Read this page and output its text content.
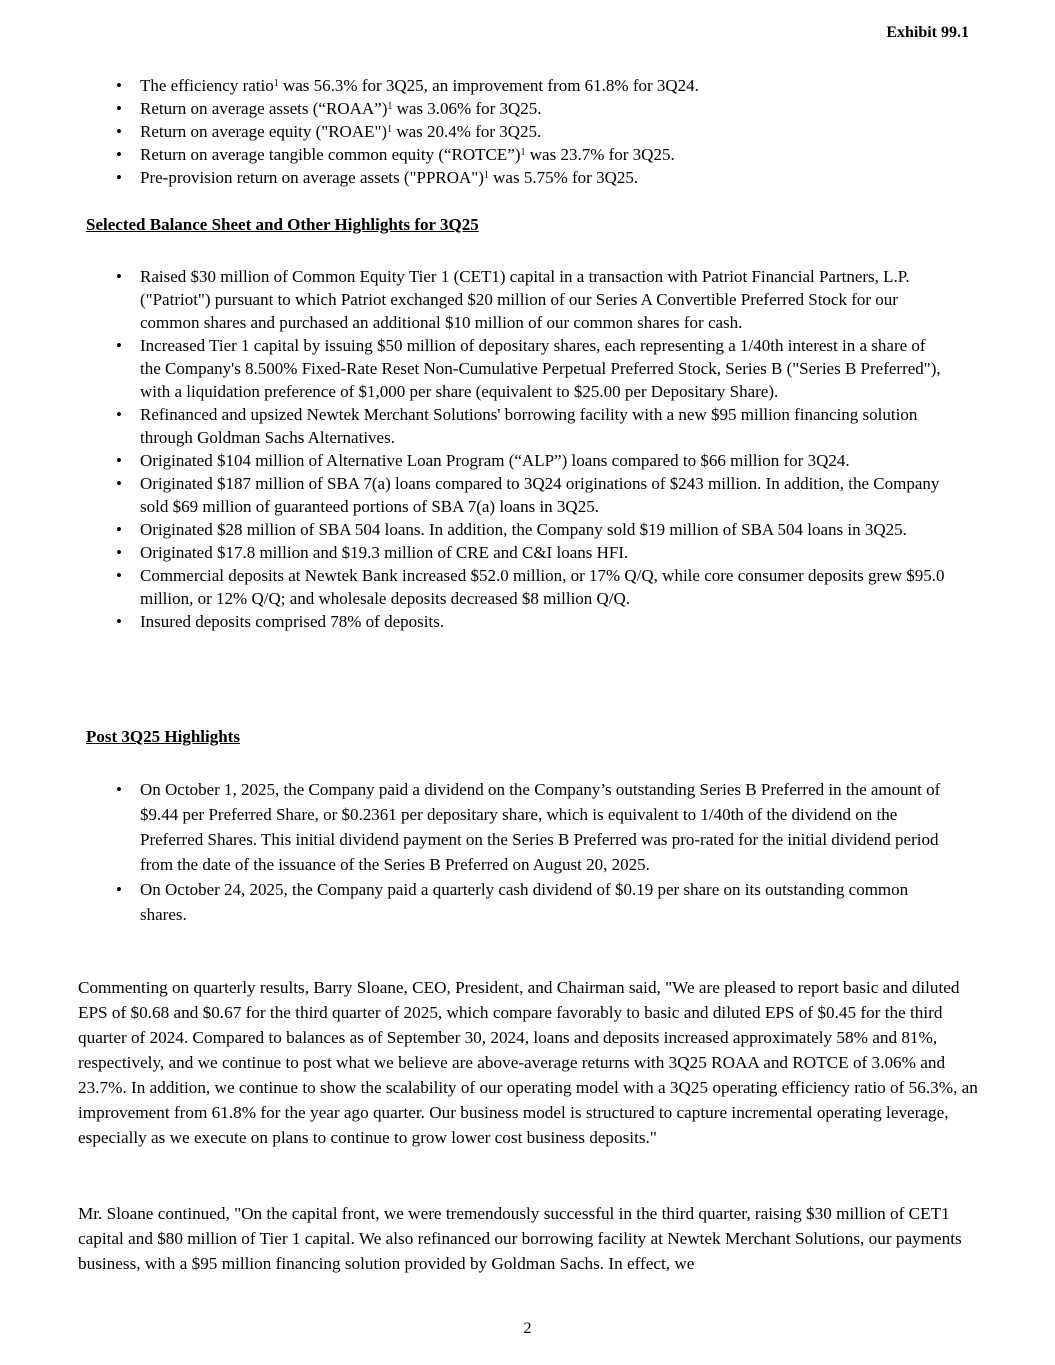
Exhibit 99.1
• The efficiency ratio$^1$ was 56.3% for 3Q25, an improvement from 61.8% for 3Q24.
• Return on average assets (“ROAA”)$^1$ was 3.06% for 3Q25.
• Return on average equity ("ROAE")$^1$ was 20.4% for 3Q25.
• Return on average tangible common equity (“ROTCE”)$^1$ was 23.7% for 3Q25.
• Pre-provision return on average assets ("PPROA")$^1$ was 5.75% for 3Q25.
Selected Balance Sheet and Other Highlights for 3Q25
• Raised $30 million of Common Equity Tier 1 (CET1) capital in a transaction with Patriot Financial Partners, L.P. ("Patriot") pursuant to which Patriot exchanged $20 million of our Series A Convertible Preferred Stock for our common shares and purchased an additional $10 million of our common shares for cash.
• Increased Tier 1 capital by issuing $50 million of depositary shares, each representing a 1/40th interest in a share of the Company's 8.500% Fixed-Rate Reset Non-Cumulative Perpetual Preferred Stock, Series B ("Series B Preferred"), with a liquidation preference of $1,000 per share (equivalent to $25.00 per Depositary Share).
• Refinanced and upsized Newtek Merchant Solutions' borrowing facility with a new $95 million financing solution through Goldman Sachs Alternatives.
• Originated $104 million of Alternative Loan Program (“ALP”) loans compared to $66 million for 3Q24.
• Originated $187 million of SBA 7(a) loans compared to 3Q24 originations of $243 million. In addition, the Company sold $69 million of guaranteed portions of SBA 7(a) loans in 3Q25.
• Originated $28 million of SBA 504 loans. In addition, the Company sold $19 million of SBA 504 loans in 3Q25.
• Originated $17.8 million and $19.3 million of CRE and C&I loans HFI.
• Commercial deposits at Newtek Bank increased $52.0 million, or 17% Q/Q, while core consumer deposits grew $95.0 million, or 12% Q/Q; and wholesale deposits decreased $8 million Q/Q.
• Insured deposits comprised 78% of deposits.
Post 3Q25 Highlights
• On October 1, 2025, the Company paid a dividend on the Company’s outstanding Series B Preferred in the amount of $9.44 per Preferred Share, or $0.2361 per depositary share, which is equivalent to 1/40th of the dividend on the Preferred Shares. This initial dividend payment on the Series B Preferred was pro-rated for the initial dividend period from the date of the issuance of the Series B Preferred on August 20, 2025.
• On October 24, 2025, the Company paid a quarterly cash dividend of $0.19 per share on its outstanding common shares.
Commenting on quarterly results, Barry Sloane, CEO, President, and Chairman said, "We are pleased to report basic and diluted EPS of $0.68 and $0.67 for the third quarter of 2025, which compare favorably to basic and diluted EPS of $0.45 for the third quarter of 2024. Compared to balances as of September 30, 2024, loans and deposits increased approximately 58% and 81%, respectively, and we continue to post what we believe are above-average returns with 3Q25 ROAA and ROTCE of 3.06% and 23.7%. In addition, we continue to show the scalability of our operating model with a 3Q25 operating efficiency ratio of 56.3%, an improvement from 61.8% for the year ago quarter. Our business model is structured to capture incremental operating leverage, especially as we execute on plans to continue to grow lower cost business deposits."
Mr. Sloane continued, "On the capital front, we were tremendously successful in the third quarter, raising $30 million of CET1 capital and $80 million of Tier 1 capital. We also refinanced our borrowing facility at Newtek Merchant Solutions, our payments business, with a $95 million financing solution provided by Goldman Sachs. In effect, we
2
